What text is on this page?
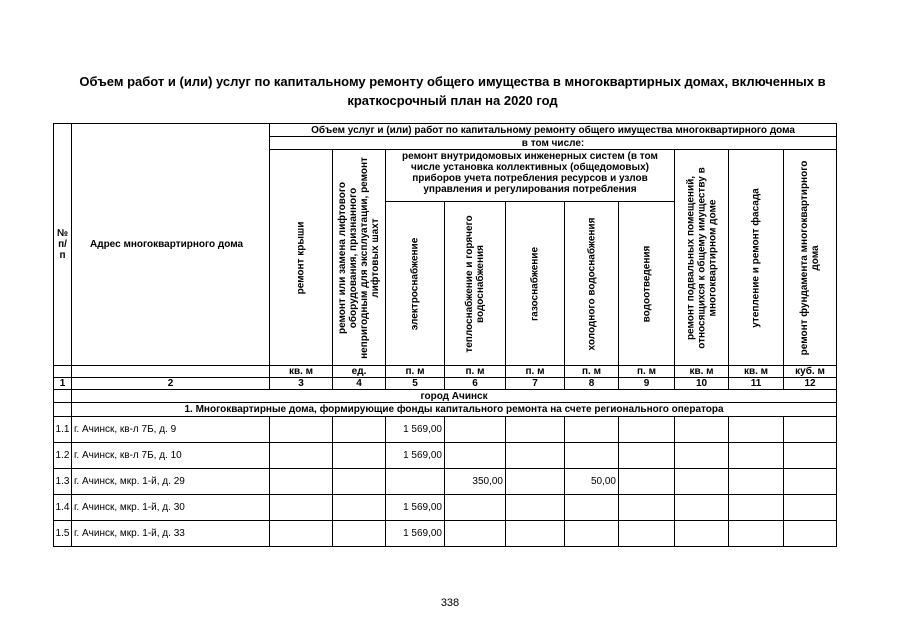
Объем работ и (или) услуг по капитальному ремонту общего имущества в многоквартирных домах, включенных в
краткосрочный план на 2020 год
№ п/ п	Адрес многоквартирного дома	Объем услуг и (или) работ по капитальному ремонту общего имущества многоквартирного дома									
		в том числе:									

		ремонт крыши	ремонт или замена лифтового оборудования, признанного непригодным для эксплуатации, ремонт лифтовых шахт	ремонт внутридомовых инженерных систем (в том числе установка коллективных (общедомовых) приборов учета потребления ресурсов и узлов управления и регулирования потребления					ремонт подвальных помещений, относящихся к общему имуществу в многоквартирном доме	утепление и ремонт фасада	ремонт фундамента многоквартирного дома

				электроснабжение	теплоснабжение и горячего водоснабжения	газоснабжение	холодного водоснабжения	водоотведения			

		кв. м	ед.	п. м	п. м	п. м	п. м	п. м	кв. м	кв. м	куб. м
1	2	3	4	5	6	7	8	9	10	11	12
	город Ачинск										
	1. Многоквартирные дома, формирующие фонды капитального ремонта на счете регионального оператора										
1.1	г. Ачинск, кв-л 7Б, д. 9			1 569,00							
1.2	г. Ачинск, кв-л 7Б, д. 10			1 569,00							
1.3	г. Ачинск, мкр. 1-й, д. 29				350,00		50,00				
1.4	г. Ачинск, мкр. 1-й, д. 30			1 569,00							
1.5	г. Ачинск, мкр. 1-й, д. 33			1 569,00							
338
